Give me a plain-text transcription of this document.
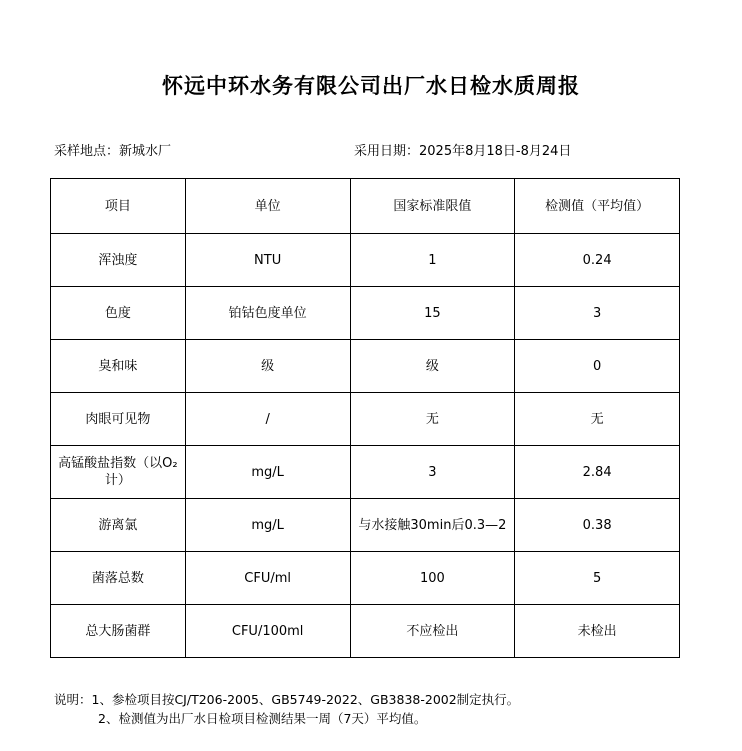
怀远中环水务有限公司出厂水日检水质周报
采样地点：新城水厂	采用日期：2025年8月18日-8月24日
项目	单位	国家标准限值	检测值（平均值）
浑浊度	NTU	1	0.24
色度	铂钴色度单位	15	3
臭和味	级	级	0
肉眼可见物	/	无	无
高锰酸盐指数（以O₂计）	mg/L	3	2.84
游离氯	mg/L	与水接触30min后0.3—2	0.38
菌落总数	CFU/ml	100	5
总大肠菌群	CFU/100ml	不应检出	未检出
说明：1、参检项目按CJ/T206-2005、GB5749-2022、GB3838-2002制定执行。
2、检测值为出厂水日检项目检测结果一周（7天）平均值。
